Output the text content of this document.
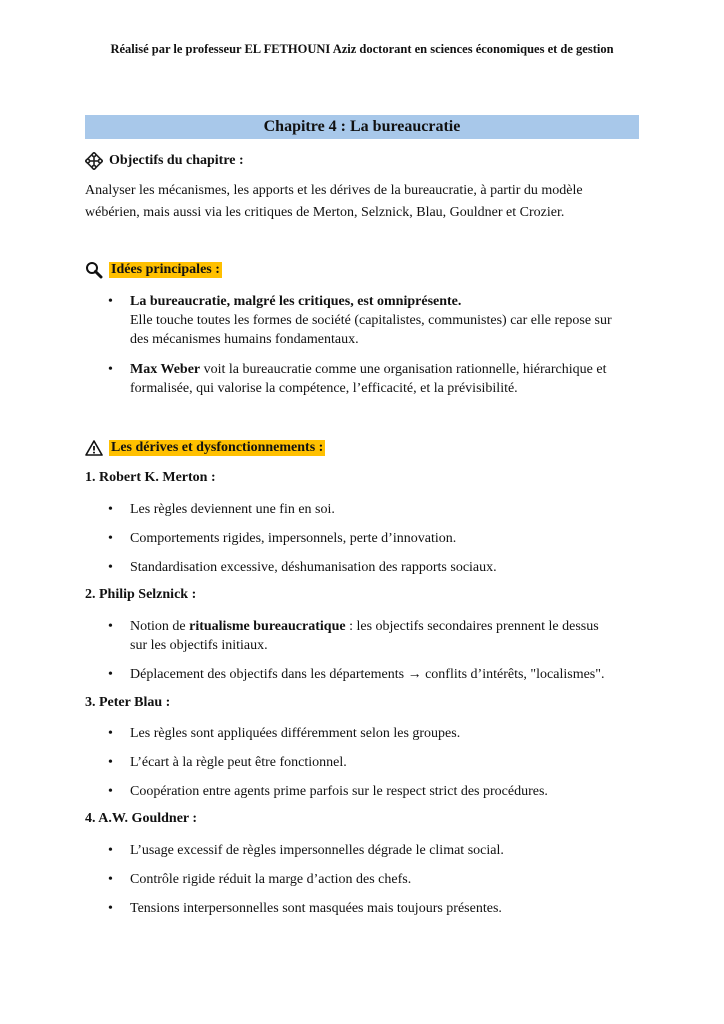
Réalisé par le professeur EL FETHOUNI Aziz doctorant en sciences économiques et de gestion
Chapitre 4 : La bureaucratie
Objectifs du chapitre :
Analyser les mécanismes, les apports et les dérives de la bureaucratie, à partir du modèle
wébérien, mais aussi via les critiques de Merton, Selznick, Blau, Gouldner et Crozier.
Idées principales :
• La bureaucratie, malgré les critiques, est omniprésente.
Elle touche toutes les formes de société (capitalistes, communistes) car elle repose sur
des mécanismes humains fondamentaux.
• Max Weber voit la bureaucratie comme une organisation rationnelle, hiérarchique et
formalisée, qui valorise la compétence, l’efficacité, et la prévisibilité.
Les dérives et dysfonctionnements :
1. Robert K. Merton :
• Les règles deviennent une fin en soi.
• Comportements rigides, impersonnels, perte d’innovation.
• Standardisation excessive, déshumanisation des rapports sociaux.
2. Philip Selznick :
• Notion de ritualisme bureaucratique : les objectifs secondaires prennent le dessus
sur les objectifs initiaux.
• Déplacement des objectifs dans les départements → conflits d’intérêts, "localismes".
3. Peter Blau :
• Les règles sont appliquées différemment selon les groupes.
• L’écart à la règle peut être fonctionnel.
• Coopération entre agents prime parfois sur le respect strict des procédures.
4. A.W. Gouldner :
• L’usage excessif de règles impersonnelles dégrade le climat social.
• Contrôle rigide réduit la marge d’action des chefs.
• Tensions interpersonnelles sont masquées mais toujours présentes.
